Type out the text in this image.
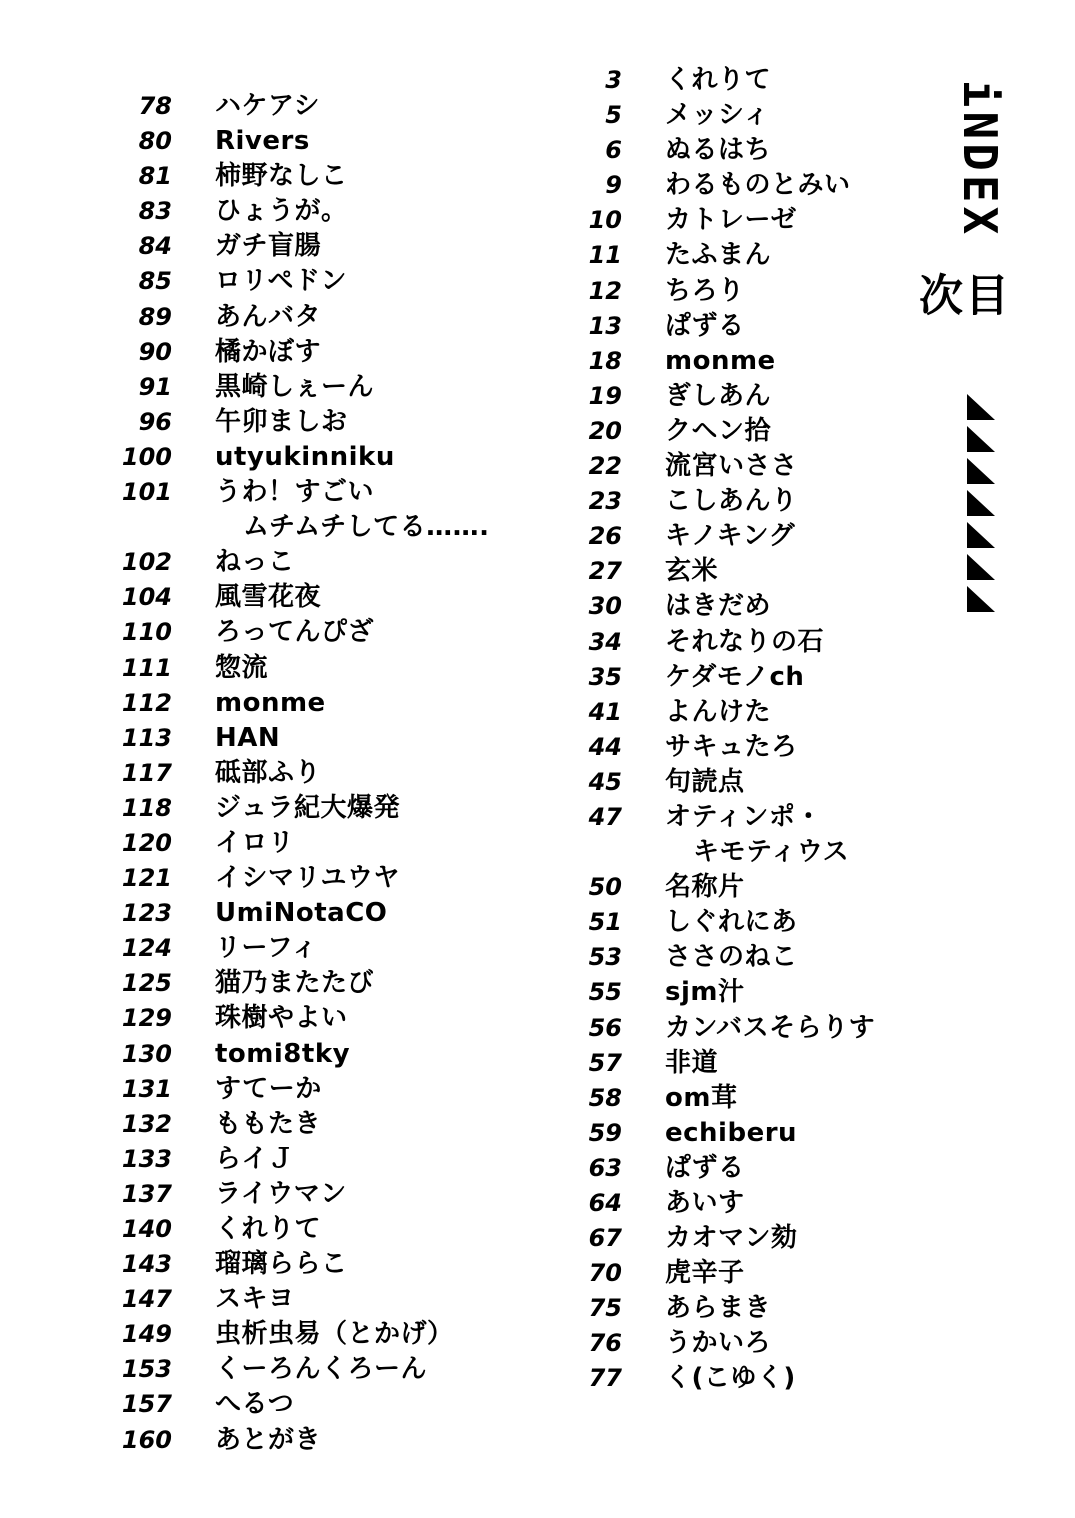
78 ハケアシ
80 Rivers
81 柿野なしこ
83 ひょうが。
84 ガチ盲腸
85 ロリペドン
89 あんバタ
90 橘かぼす
91 黒崎しぇーん
96 午卯ましお
100 utyukinniku
101 うわ！すごい
ムチムチしてる…….
102 ねっこ
104 風雪花夜
110 ろってんぴざ
111 惣流
112 monme
113 HAN
117 砥部ふり
118 ジュラ紀大爆発
120 イロリ
121 イシマリユウヤ
123 UmiNotaCO
124 リーフィ
125 猫乃またたび
129 珠樹やよい
130 tomi8tky
131 すてーか
132 ももたき
133 らイＪ
137 ライウマン
140 くれりて
143 瑠璃ららこ
147 スキヨ
149 虫析虫易（とかげ）
153 くーろんくろーん
157 へるつ
160 あとがき
3 くれりて
5 メッシィ
6 ぬるはち
9 わるものとみい
10 カトレーゼ
11 たふまん
12 ちろり
13 ぱずる
18 monme
19 ぎしあん
20 クヘン拾
22 流宮いささ
23 こしあんり
26 キノキング
27 玄米
30 はきだめ
34 それなりの石
35 ケダモノch
41 よんけた
44 サキュたろ
45 句読点
47 オティンポ・
キモティウス
50 名称片
51 しぐれにあ
53 ささのねこ
55 sjm汁
56 カンバスそらりす
57 非道
58 om茸
59 echiberu
63 ぱずる
64 あいす
67 カオマン劾
70 虎辛子
75 あらまき
76 うかいろ
77 く(こゆく)
iNDEX
目次
